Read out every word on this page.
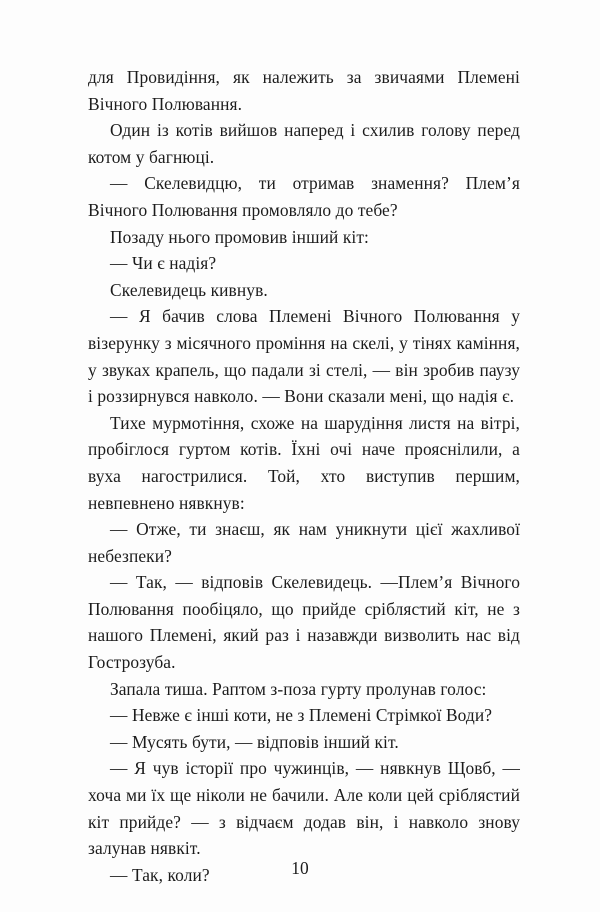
для Провидіння, як належить за звичаями Племені Вічного Полювання.

Один із котів вийшов наперед і схилив голову перед котом у багнюці.

— Скелевидцю, ти отримав знамення? Плем’я Вічного Полювання промовляло до тебе?

Позаду нього промовив інший кіт:

— Чи є надія?

Скелевидець кивнув.

— Я бачив слова Племені Вічного Полювання у візерунку з місячного проміння на скелі, у тінях каміння, у звуках крапель, що падали зі стелі, — він зробив паузу і роззирнувся навколо. — Вони сказали мені, що надія є.

Тихе мурмотіння, схоже на шарудіння листя на вітрі, пробіглося гуртом котів. Їхні очі наче прояснілили, а вуха нагострилися. Той, хто виступив першим, невпевнено нявкнув:

— Отже, ти знаєш, як нам уникнути цієї жахливої небезпеки?

— Так, — відповів Скелевидець. —Плем’я Вічного Полювання пообіцяло, що прийде сріблястий кіт, не з нашого Племені, який раз і назавжди визволить нас від Гострозуба.

Запала тиша. Раптом з-поза гурту пролунав голос:

— Невже є інші коти, не з Племені Стрімкої Води?

— Мусять бути, — відповів інший кіт.

— Я чув історії про чужинців, — нявкнув Щовб, — хоча ми їх ще ніколи не бачили. Але коли цей сріблястий кіт прийде? — з відчаєм додав він, і навколо знову залунав нявкіт.

— Так, коли?	10
